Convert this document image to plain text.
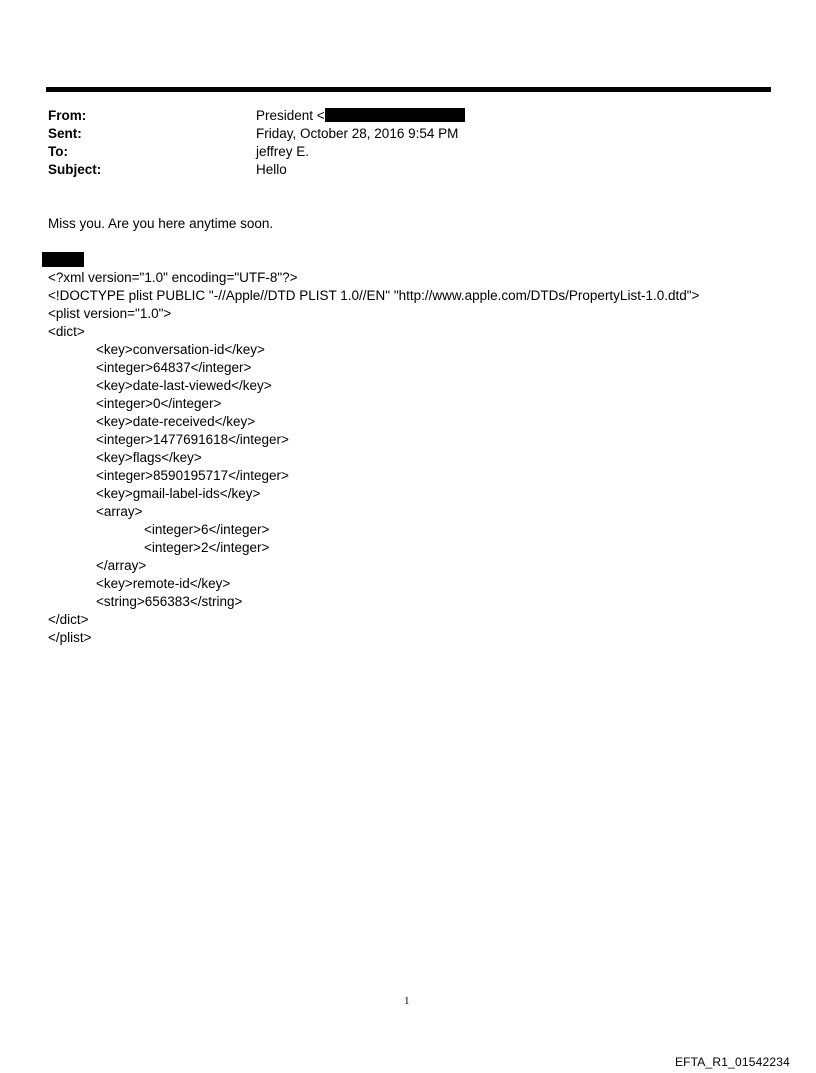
From:	President <
Sent:	Friday, October 28, 2016 9:54 PM
To:	jeffrey E.
Subject:	Hello
Miss you. Are you here anytime soon.
<?xml version="1.0" encoding="UTF-8"?>
<!DOCTYPE plist PUBLIC "-//Apple//DTD PLIST 1.0//EN" "http://www.apple.com/DTDs/PropertyList-1.0.dtd">
<plist version="1.0">
<dict>
<key>conversation-id</key>
<integer>64837</integer>
<key>date-last-viewed</key>
<integer>0</integer>
<key>date-received</key>
<integer>1477691618</integer>
<key>flags</key>
<integer>8590195717</integer>
<key>gmail-label-ids</key>
<array>
<integer>6</integer>
<integer>2</integer>
</array>
<key>remote-id</key>
<string>656383</string>
</dict>
</plist>
1
EFTA_R1_01542234
